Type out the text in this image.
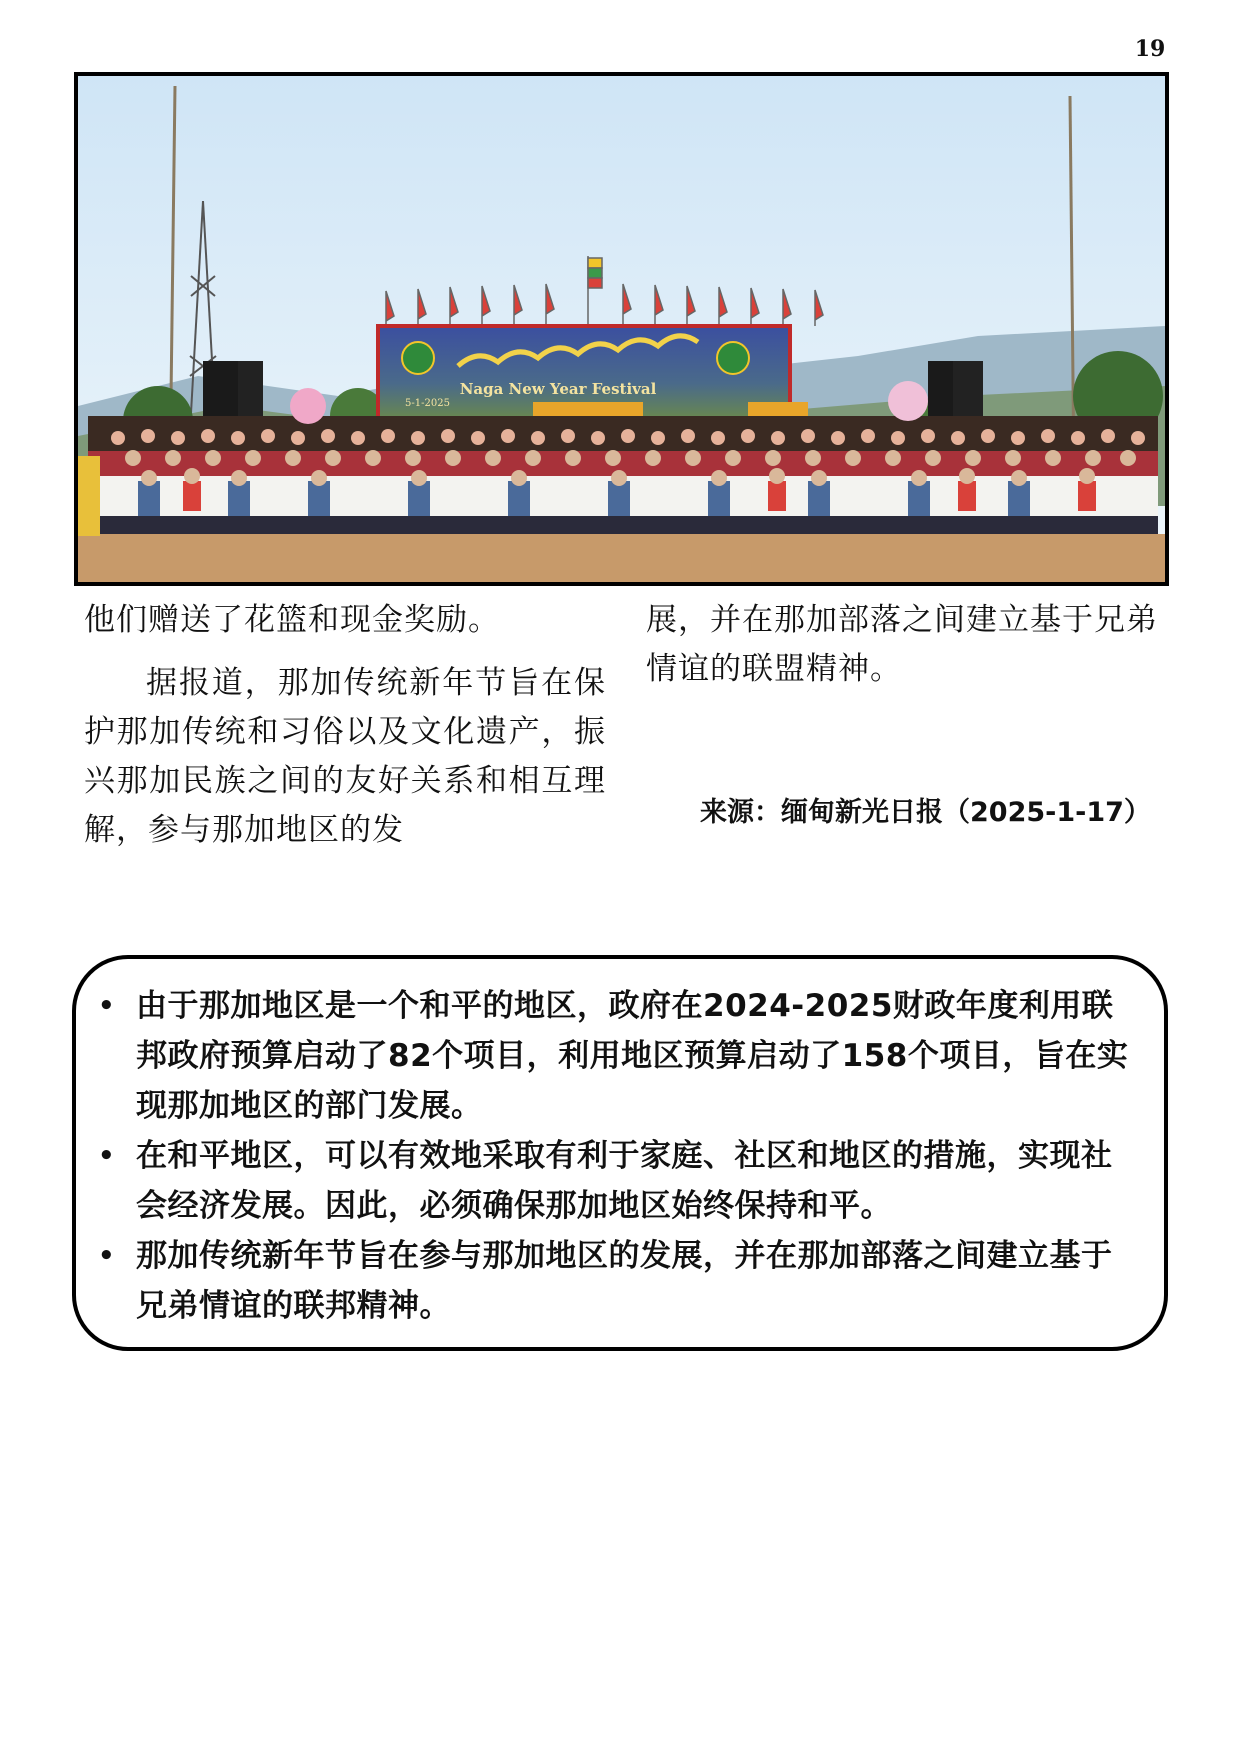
19
Naga New Year Festival
5-1-2025

他们赠送了花篮和现金奖励。

据报道，那加传统新年节旨在保护那加传统和习俗以及文化遗产，振兴那加民族之间的友好关系和相互理解，参与那加地区的发

展，并在那加部落之间建立基于兄弟情谊的联盟精神。

来源：缅甸新光日报（2025-1-17）
• 由于那加地区是一个和平的地区，政府在2024-2025财政年度利用联邦政府预算启动了82个项目，利用地区预算启动了158个项目，旨在实现那加地区的部门发展。
• 在和平地区，可以有效地采取有利于家庭、社区和地区的措施，实现社会经济发展。因此，必须确保那加地区始终保持和平。
• 那加传统新年节旨在参与那加地区的发展，并在那加部落之间建立基于兄弟情谊的联邦精神。
